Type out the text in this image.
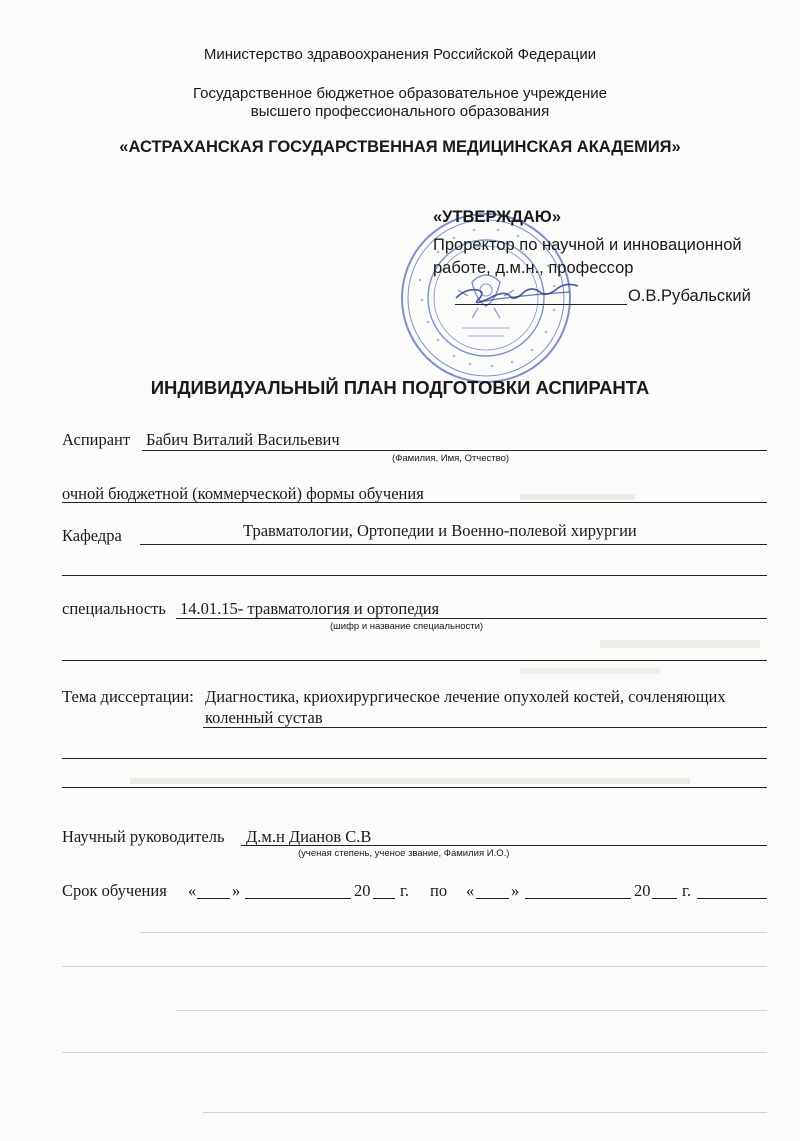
Министерство здравоохранения Российской Федерации
Государственное бюджетное образовательное учреждение
высшего профессионального образования
«АСТРАХАНСКАЯ ГОСУДАРСТВЕННАЯ МЕДИЦИНСКАЯ АКАДЕМИЯ»
«УТВЕРЖДАЮ»
Проректор по научной и инновационной
работе, д.м.н., профессор
О.В.Рубальский
ИНДИВИДУАЛЬНЫЙ ПЛАН ПОДГОТОВКИ АСПИРАНТА
Аспирант Бабич Виталий Васильевич
(Фамилия, Имя, Отчество)
очной бюджетной (коммерческой) формы обучения
Травматологии, Ортопедии и Военно-полевой хирургии
Кафедра
специальность 14.01.15- травматология и ортопедия
(шифр и название специальности)
Тема диссертации: Диагностика, криохирургическое лечение опухолей костей, сочленяющих
коленный сустав
Научный руководитель Д.м.н Дианов С.В
(ученая степень, ученое звание, Фамилия И.О.)
Срок обучения « »	20 г. по « »	20 г.
